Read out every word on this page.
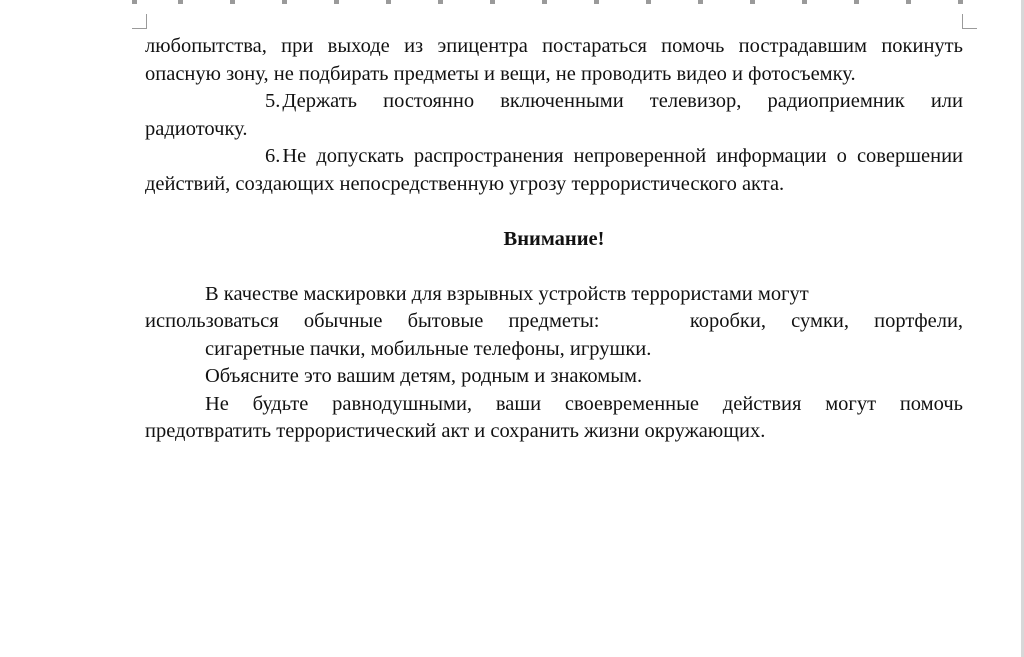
любопытства, при выходе из эпицентра постараться помочь пострадавшим покинуть опасную зону, не подбирать предметы и вещи, не проводить видео и фотосъемку.

5.Держать постоянно включенными телевизор, радиоприемник или радиоточку.

6.Не допускать распространения непроверенной информации о совершении действий, создающих непосредственную угрозу террористического акта.

Внимание!

В качестве маскировки для взрывных устройств террористами могут

использоваться обычные бытовые предметы:	коробки, сумки, портфели,

сигаретные пачки, мобильные телефоны, игрушки.

Объясните это вашим детям, родным и знакомым.

Не будьте равнодушными, ваши своевременные действия могут помочь предотвратить террористический акт и сохранить жизни окружающих.
